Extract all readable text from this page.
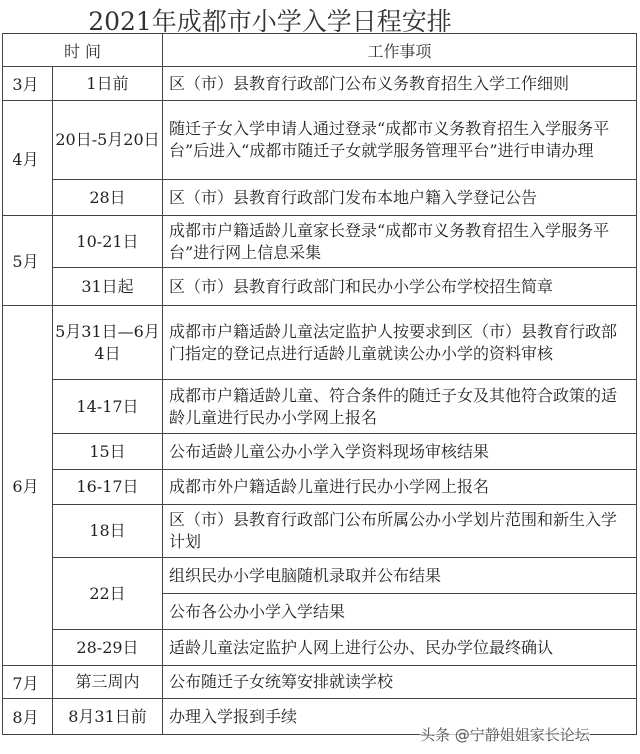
2021年成都市小学入学日程安排
时 间		工作事项
3月	1日前	区（市）县教育行政部门公布义务教育招生入学工作细则
4月	20日-5月20日	随迁子女入学申请人通过登录“成都市义务教育招生入学服务平台”后进入“成都市随迁子女就学服务管理平台”进行申请办理
	28日	区（市）县教育行政部门发布本地户籍入学登记公告
5月	10-21日	成都市户籍适龄儿童家长登录“成都市义务教育招生入学服务平台”进行网上信息采集
	31日起	区（市）县教育行政部门和民办小学公布学校招生简章
6月	5月31日—6月4日	成都市户籍适龄儿童法定监护人按要求到区（市）县教育行政部门指定的登记点进行适龄儿童就读公办小学的资料审核
	14-17日	成都市户籍适龄儿童、符合条件的随迁子女及其他符合政策的适龄儿童进行民办小学网上报名
	15日	公布适龄儿童公办小学入学资料现场审核结果
	16-17日	成都市外户籍适龄儿童进行民办小学网上报名
	18日	区（市）县教育行政部门公布所属公办小学划片范围和新生入学计划
	22日	组织民办小学电脑随机录取并公布结果
		公布各公办小学入学结果
	28-29日	适龄儿童法定监护人网上进行公办、民办学位最终确认
7月	第三周内	公布随迁子女统筹安排就读学校
8月	8月31日前	办理入学报到手续
头条 @宁静姐姐家长论坛
